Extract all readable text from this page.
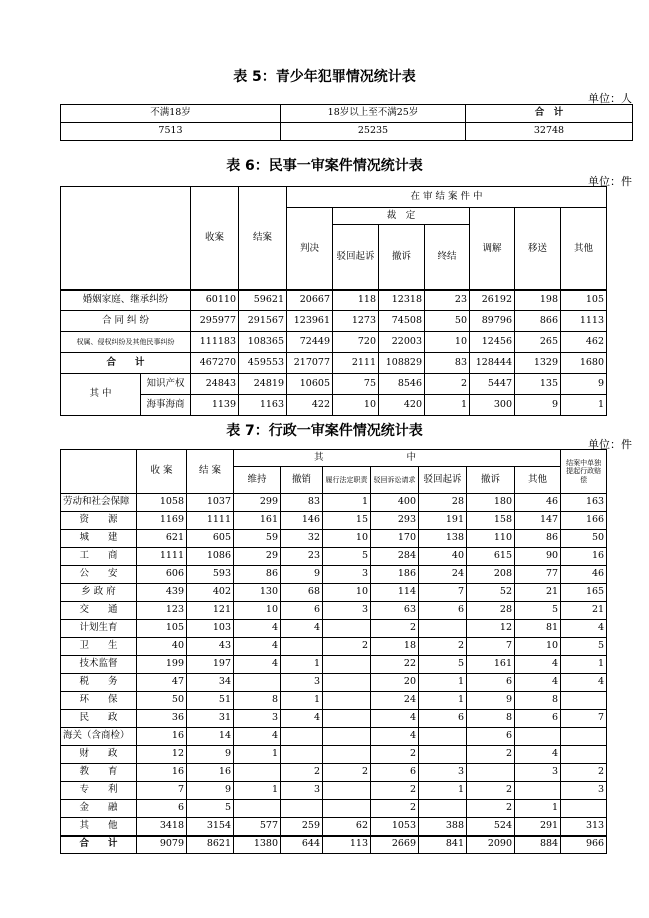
表 5：青少年犯罪情况统计表
单位：人
不满18岁	18岁以上至不满25岁	合　计
7513	25235	32748
表 6：民事一审案件情况统计表
单位：件
		收案	结案	在 审 结 案 件 中						
				判决	裁　定			调解	移送	其他
					驳回起诉	撤诉	终结			
婚姻家庭、继承纠纷		60110	59621	20667	118	12318	23	26192	198	105
合 同 纠 纷		295977	291567	123961	1273	74508	50	89796	866	1113
权属、侵权纠纷及其他民事纠纷		111183	108365	72449	720	22003	10	12456	265	462
合　　计		467270	459553	217077	2111	108829	83	128444	1329	1680
其 中	知识产权	24843	24819	10605	75	8546	2	5447	135	9
	海事海商	1139	1163	422	10	420	1	300	9	1
表 7：行政一审案件情况统计表
单位：件
	收 案	结 案	其 中							结案中单独提起行政赔偿
			维持	撤销	履行法定职责	驳回诉讼请求	驳回起诉	撤诉	其他	
劳动和社会保障	1058	1037	299	83	1	400	28	180	46	163
资　　源	1169	1111	161	146	15	293	191	158	147	166
城　　建	621	605	59	32	10	170	138	110	86	50
工　　商	1111	1086	29	23	5	284	40	615	90	16
公　　安	606	593	86	9	3	186	24	208	77	46
乡 政 府	439	402	130	68	10	114	7	52	21	165
交　　通	123	121	10	6	3	63	6	28	5	21
计划生育	105	103	4	4		2		12	81	4
卫　　生	40	43	4		2	18	2	7	10	5
技术监督	199	197	4	1		22	5	161	4	1
税　　务	47	34		3		20	1	6	4	4
环　　保	50	51	8	1		24	1	9	8	
民　　政	36	31	3	4		4	6	8	6	7
海关（含商检）	16	14	4			4		6		
财　　政	12	9	1			2		2	4	
教　　育	16	16		2	2	6	3		3	2
专　　利	7	9	1	3		2	1	2		3
金　　融	6	5				2		2	1	
其　　他	3418	3154	577	259	62	1053	388	524	291	313
合　　计	9079	8621	1380	644	113	2669	841	2090	884	966
